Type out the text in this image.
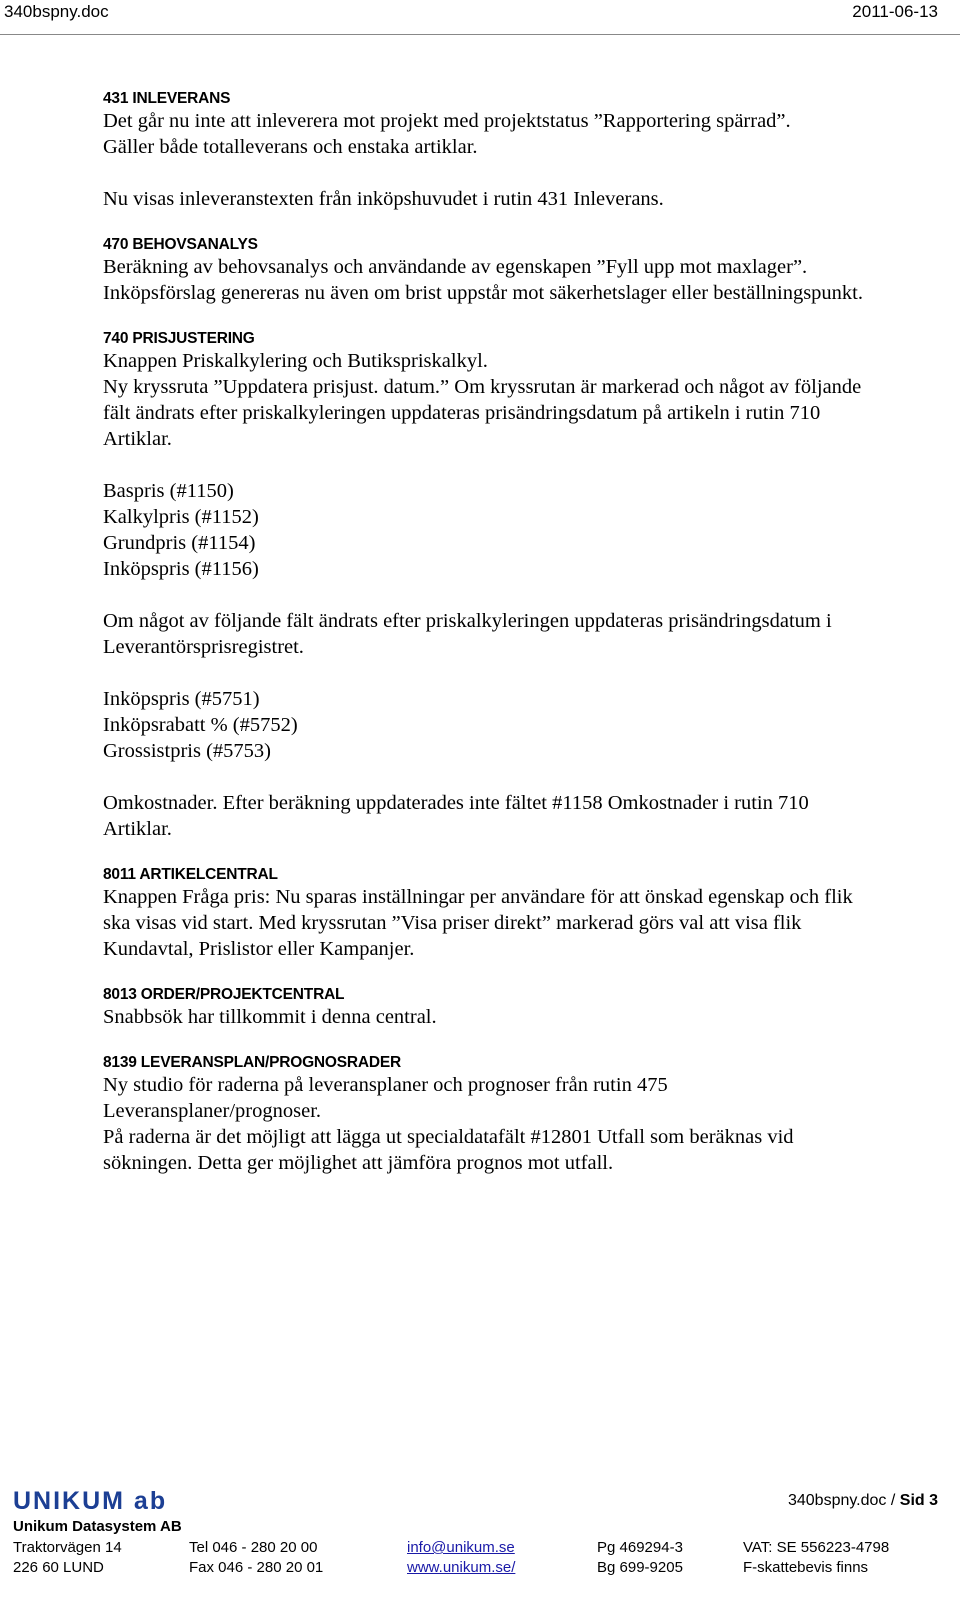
340bspny.doc	2011-06-13

431 INLEVERANS

Det går nu inte att inleverera mot projekt med projektstatus ”Rapportering spärrad”.

Gäller både totalleverans och enstaka artiklar.

Nu visas inleveranstexten från inköpshuvudet i rutin 431 Inleverans.

470 BEHOVSANALYS

Beräkning av behovsanalys och användande av egenskapen ”Fyll upp mot maxlager”.

Inköpsförslag genereras nu även om brist uppstår mot säkerhetslager eller beställningspunkt.

740 PRISJUSTERING

Knappen Priskalkylering och Butikspriskalkyl.

Ny kryssruta ”Uppdatera prisjust. datum.” Om kryssrutan är markerad och något av följande

fält ändrats efter priskalkyleringen uppdateras prisändringsdatum på artikeln i rutin 710

Artiklar.

Baspris (#1150)

Kalkylpris (#1152)

Grundpris (#1154)

Inköpspris (#1156)

Om något av följande fält ändrats efter priskalkyleringen uppdateras prisändringsdatum i

Leverantörsprisregistret.

Inköpspris (#5751)

Inköpsrabatt % (#5752)

Grossistpris (#5753)

Omkostnader. Efter beräkning uppdaterades inte fältet #1158 Omkostnader i rutin 710

Artiklar.

8011 ARTIKELCENTRAL

Knappen Fråga pris: Nu sparas inställningar per användare för att önskad egenskap och flik

ska visas vid start. Med kryssrutan ”Visa priser direkt” markerad görs val att visa flik

Kundavtal, Prislistor eller Kampanjer.

8013 ORDER/PROJEKTCENTRAL

Snabbsök har tillkommit i denna central.

8139 LEVERANSPLAN/PROGNOSRADER

Ny studio för raderna på leveransplaner och prognoser från rutin 475

Leveransplaner/prognoser.

På raderna är det möjligt att lägga ut specialdatafält #12801 Utfall som beräknas vid

sökningen. Detta ger möjlighet att jämföra prognos mot utfall.

UNIKUM ab	340bspny.doc / Sid 3
Unikum Datasystem AB
Traktorvägen 14
226 60 LUND
Tel 046 - 280 20 00
Fax 046 - 280 20 01
info@unikum.se
www.unikum.se/
Pg 469294-3
Bg 699-9205
VAT: SE 556223-4798
F-skattebevis finns
